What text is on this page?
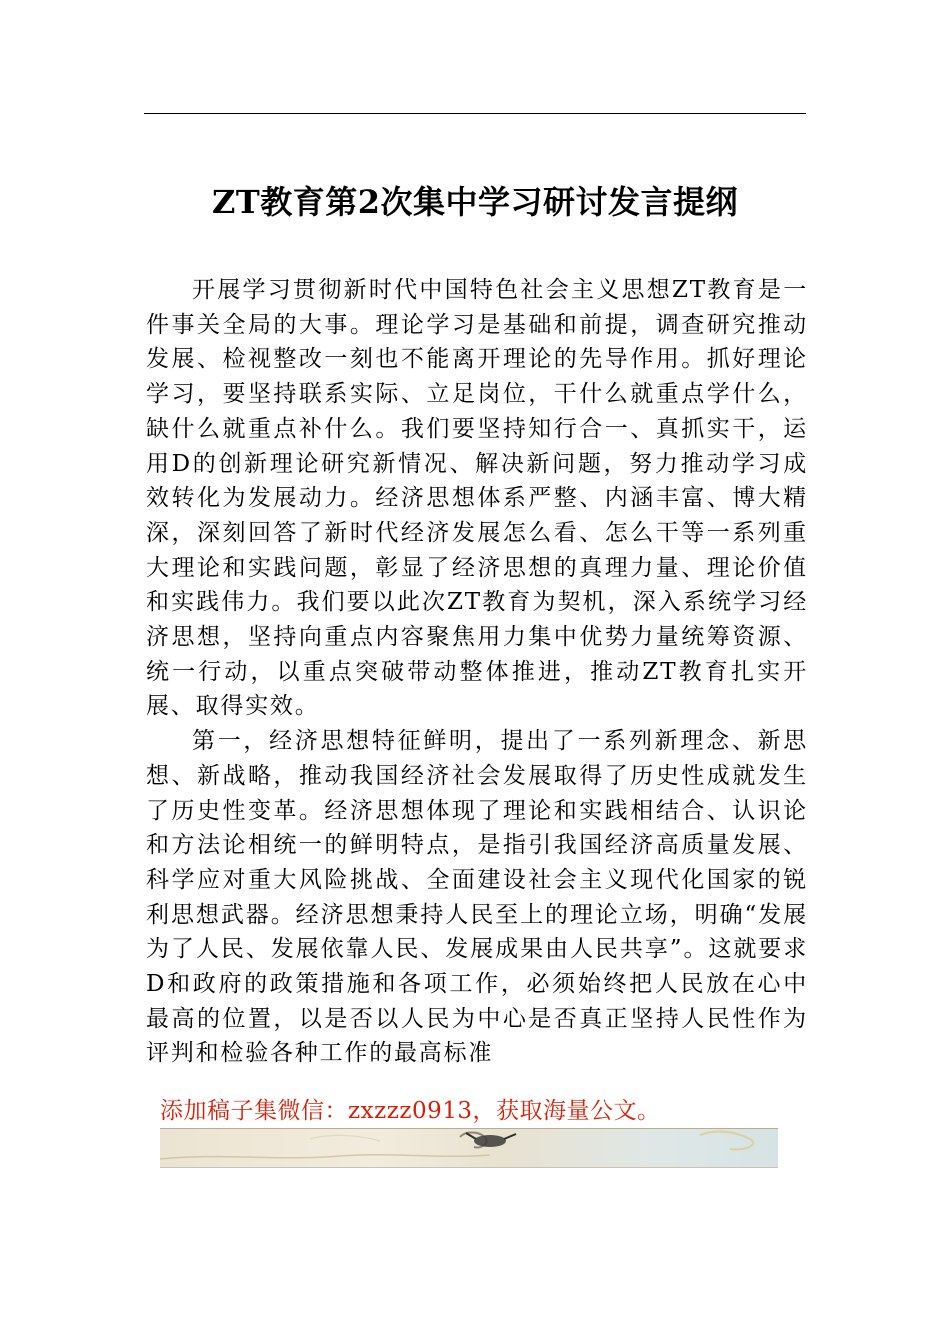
ZT教育第2次集中学习研讨发言提纲

开展学习贯彻新时代中国特色社会主义思想ZT教育是一件事关全局的大事。理论学习是基础和前提，调查研究推动发展、检视整改一刻也不能离开理论的先导作用。抓好理论学习，要坚持联系实际、立足岗位，干什么就重点学什么，缺什么就重点补什么。我们要坚持知行合一、真抓实干，运用D的创新理论研究新情况、解决新问题，努力推动学习成效转化为发展动力。经济思想体系严整、内涵丰富、博大精深，深刻回答了新时代经济发展怎么看、怎么干等一系列重大理论和实践问题，彰显了经济思想的真理力量、理论价值和实践伟力。我们要以此次ZT教育为契机，深入系统学习经济思想，坚持向重点内容聚焦用力集中优势力量统筹资源、统一行动，以重点突破带动整体推进，推动ZT教育扎实开展、取得实效。

第一，经济思想特征鲜明，提出了一系列新理念、新思想、新战略，推动我国经济社会发展取得了历史性成就发生了历史性变革。经济思想体现了理论和实践相结合、认识论和方法论相统一的鲜明特点，是指引我国经济高质量发展、科学应对重大风险挑战、全面建设社会主义现代化国家的锐利思想武器。经济思想秉持人民至上的理论立场，明确“发展为了人民、发展依靠人民、发展成果由人民共享”。这就要求D和政府的政策措施和各项工作，必须始终把人民放在心中最高的位置，以是否以人民为中心是否真正坚持人民性作为评判和检验各种工作的最高标准

添加稿子集微信：zxzzz0913，获取海量公文。
